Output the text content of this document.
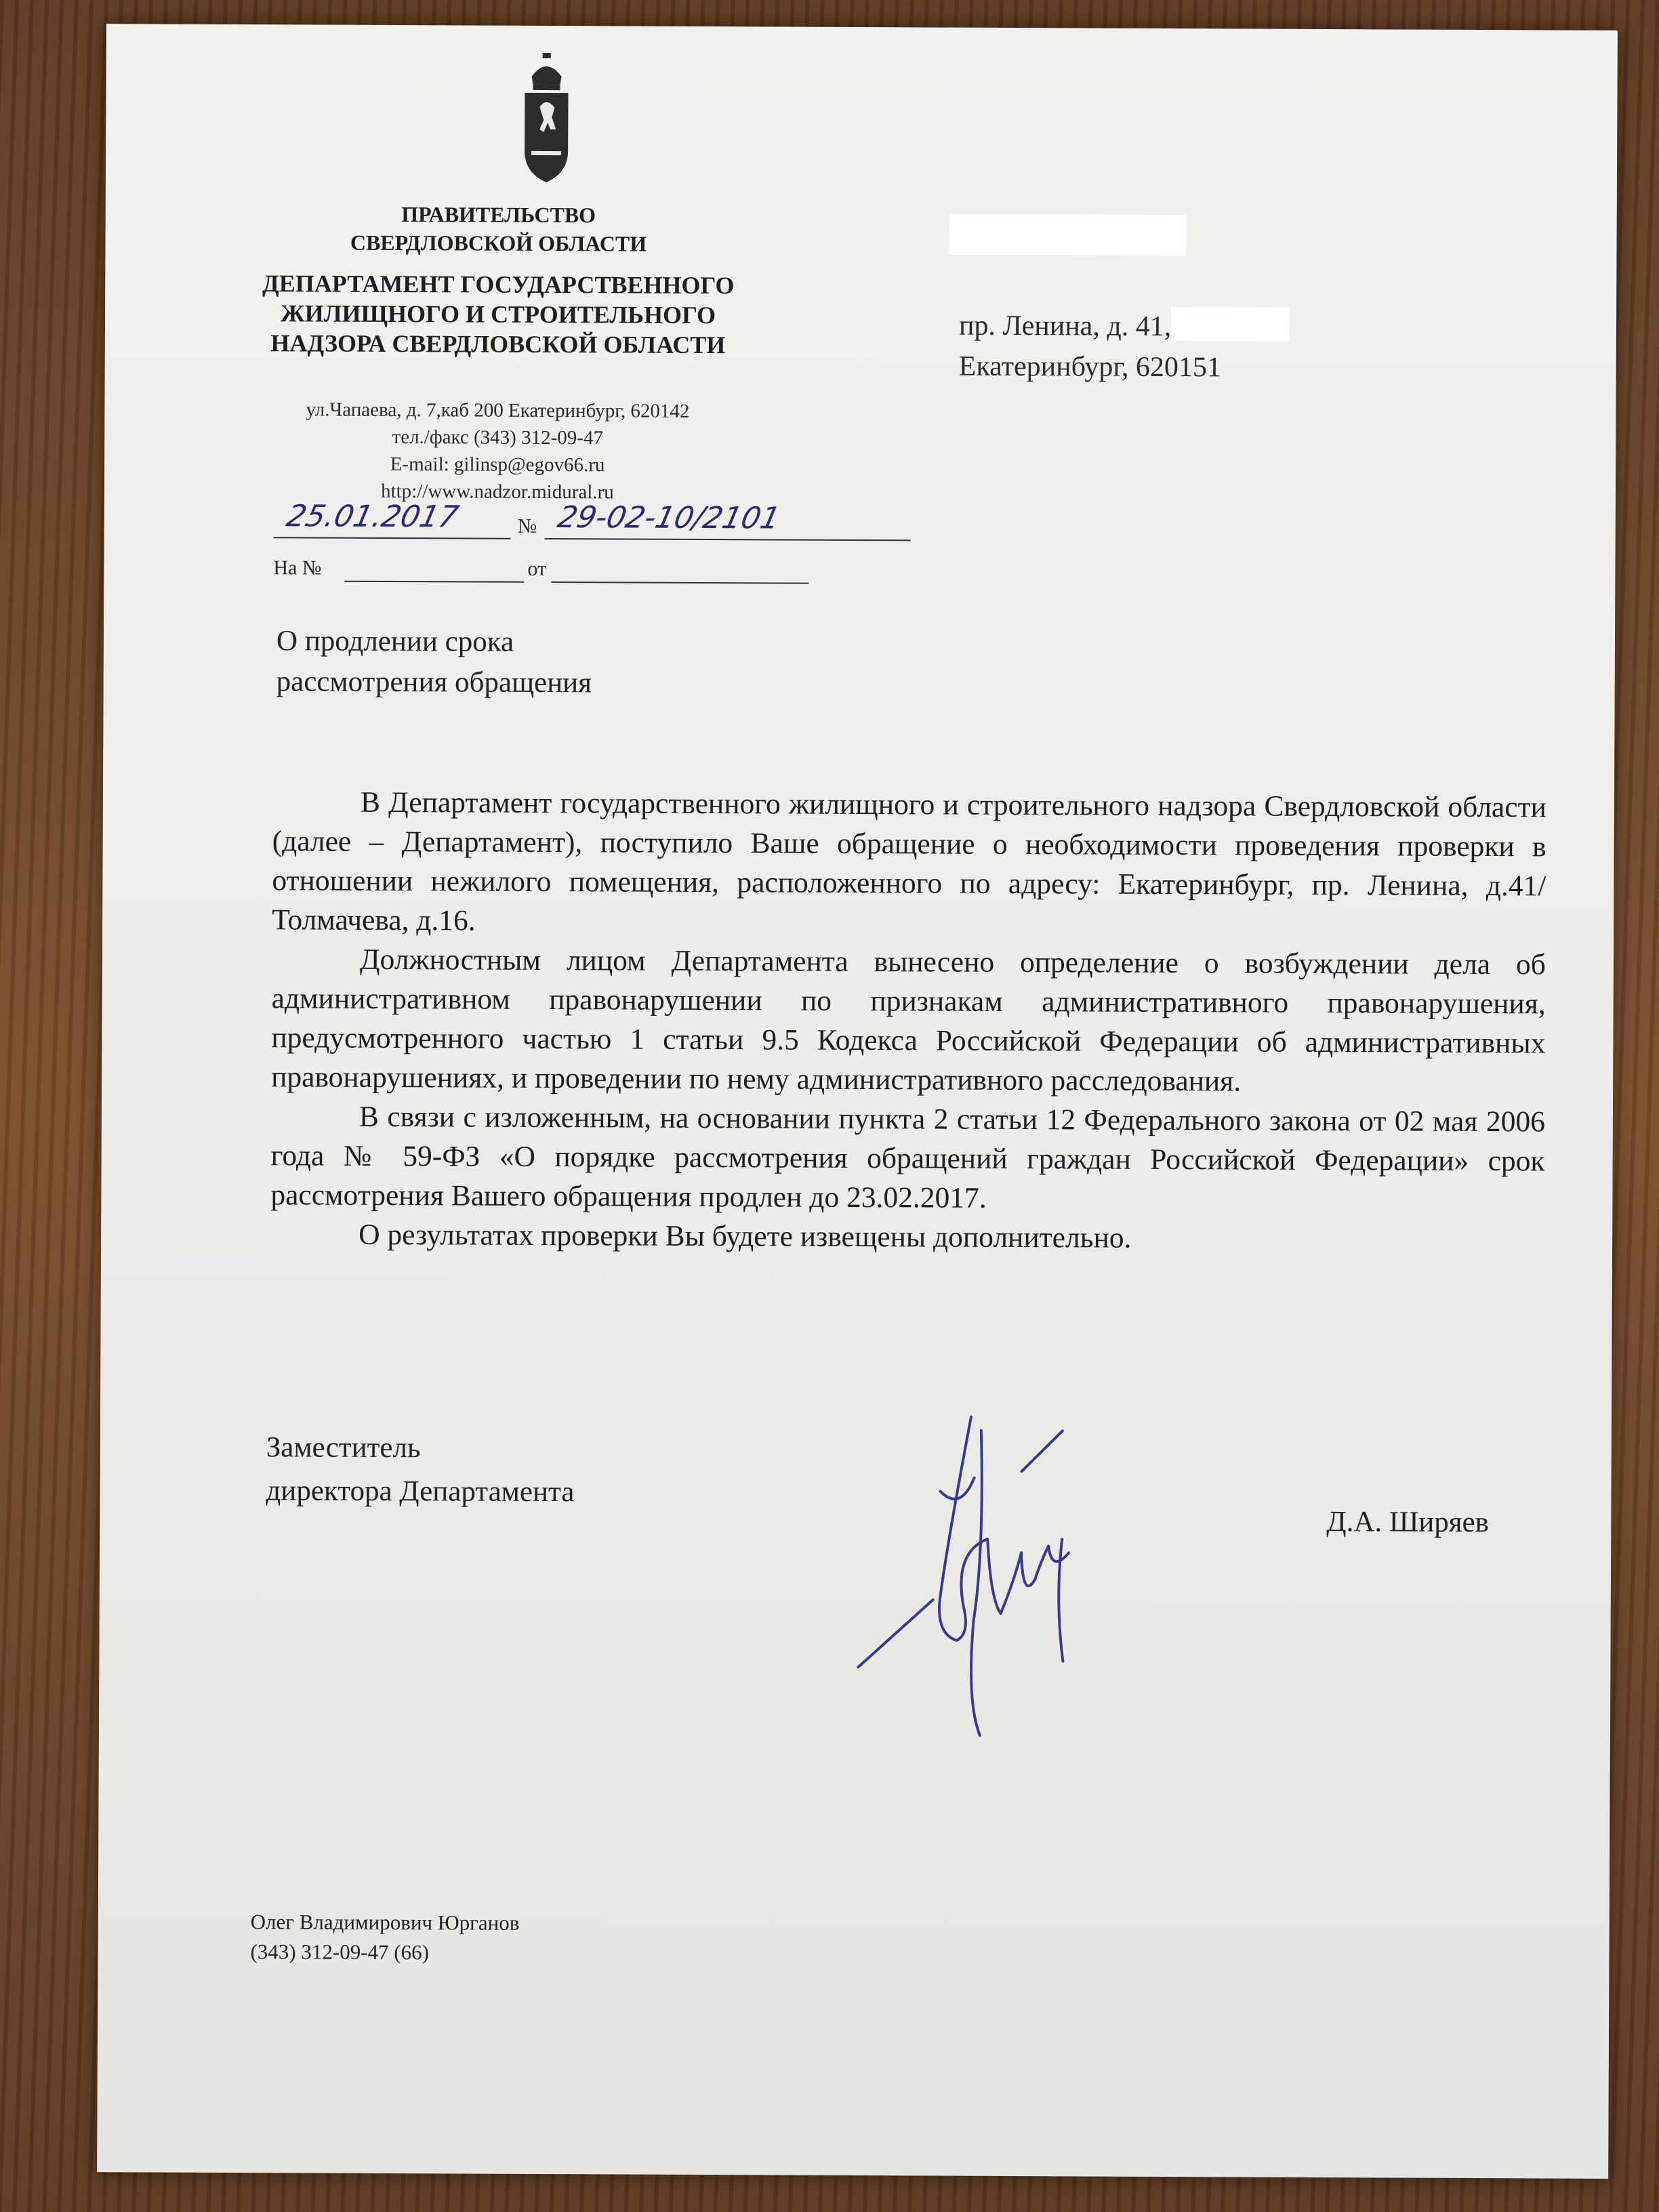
ПРАВИТЕЛЬСТВО
СВЕРДЛОВСКОЙ ОБЛАСТИ
ДЕПАРТАМЕНТ ГОСУДАРСТВЕННОГО
ЖИЛИЩНОГО И СТРОИТЕЛЬНОГО
НАДЗОРА СВЕРДЛОВСКОЙ ОБЛАСТИ
ул.Чапаева, д. 7,каб 200 Екатеринбург, 620142
тел./факс (343) 312-09-47
E-mail: gilinsp@egov66.ru
http://www.nadzor.midural.ru
25.01.2017	№ 29-02-10/2101
На №	от
пр. Ленина, д. 41,
Екатеринбург, 620151
О продлении срока
рассмотрения обращения

В Департамент государственного жилищного и строительного надзора Свердловской области (далее – Департамент), поступило Ваше обращение о необходимости проведения проверки в отношении нежилого помещения, расположенного по адресу: Екатеринбург, пр. Ленина, д.41/ Толмачева, д.16.

Должностным лицом Департамента вынесено определение о возбуждении дела об административном правонарушении по признакам административного правонарушения, предусмотренного частью 1 статьи 9.5 Кодекса Российской Федерации об административных правонарушениях, и проведении по нему административного расследования.

В связи с изложенным, на основании пункта 2 статьи 12 Федерального закона от 02 мая 2006 года № 59-ФЗ «О порядке рассмотрения обращений граждан Российской Федерации» срок рассмотрения Вашего обращения продлен до 23.02.2017.

О результатах проверки Вы будете извещены дополнительно.

Заместитель
директора Департамента
Д.А. Ширяев
Олег Владимирович Юрганов
(343) 312-09-47 (66)
